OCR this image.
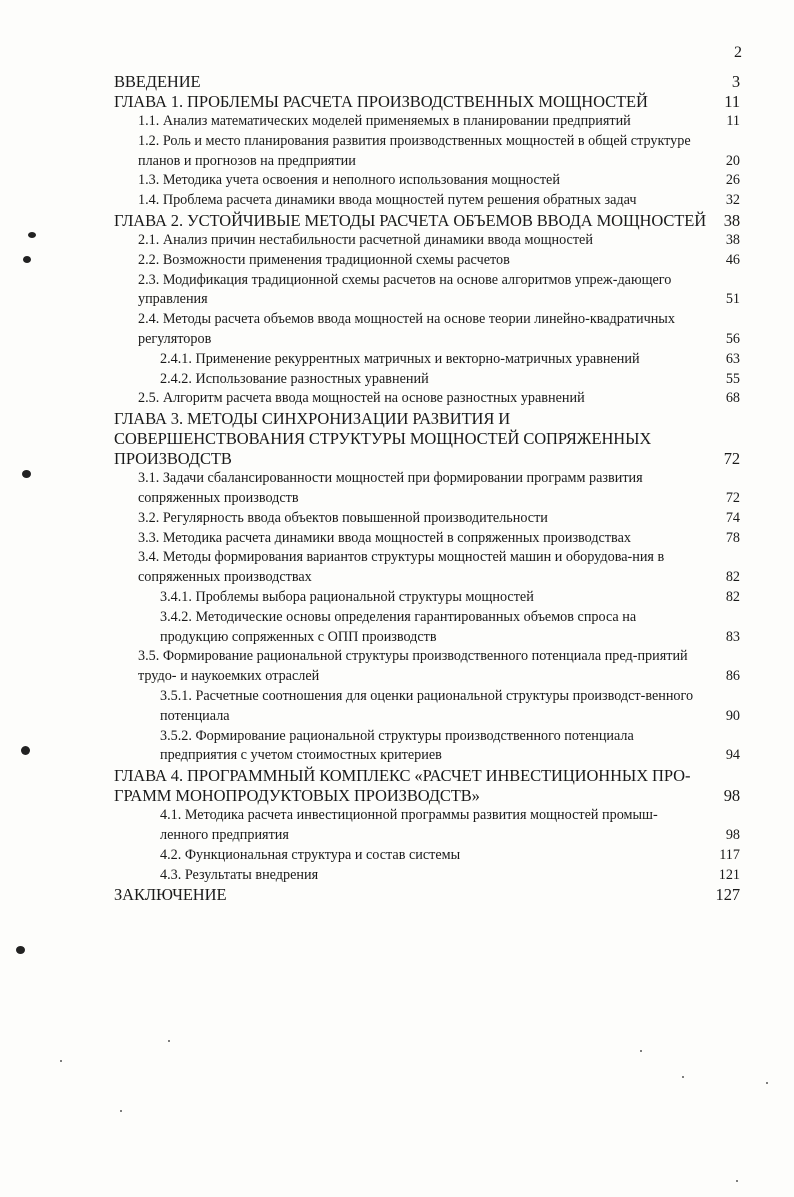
2
ВВЕДЕНИЕ	3
ГЛАВА 1. ПРОБЛЕМЫ РАСЧЕТА ПРОИЗВОДСТВЕННЫХ МОЩНОСТЕЙ	11
1.1. Анализ математических моделей применяемых в планировании предприятий	11
1.2. Роль и место планирования развития производственных мощностей в общей структуре планов и прогнозов на предприятии	20
1.3. Методика учета освоения и неполного использования мощностей	26
1.4. Проблема расчета динамики ввода мощностей путем решения обратных задач	32
ГЛАВА 2. УСТОЙЧИВЫЕ МЕТОДЫ РАСЧЕТА ОБЪЕМОВ ВВОДА МОЩНОСТЕЙ	38
2.1. Анализ причин нестабильности расчетной динамики ввода мощностей	38
2.2. Возможности применения традиционной схемы расчетов	46
2.3. Модификация традиционной схемы расчетов на основе алгоритмов упреж-дающего управления	51
2.4. Методы расчета объемов ввода мощностей на основе теории линейно-квадратичных регуляторов	56
2.4.1. Применение рекуррентных матричных и векторно-матричных уравнений	63
2.4.2. Использование разностных уравнений	55
2.5. Алгоритм расчета ввода мощностей на основе разностных уравнений	68
ГЛАВА 3. МЕТОДЫ СИНХРОНИЗАЦИИ РАЗВИТИЯ И СОВЕРШЕНСТВОВАНИЯ СТРУКТУРЫ МОЩНОСТЕЙ СОПРЯЖЕННЫХ ПРОИЗВОДСТВ	72
3.1. Задачи сбалансированности мощностей при формировании программ развития сопряженных производств	72
3.2. Регулярность ввода объектов повышенной производительности	74
3.3. Методика расчета динамики ввода мощностей в сопряженных производствах	78
3.4. Методы формирования вариантов структуры мощностей машин и оборудова-ния в сопряженных производствах	82
3.4.1. Проблемы выбора рациональной структуры мощностей	82
3.4.2. Методические основы определения гарантированных объемов спроса на продукцию сопряженных с ОПП производств	83
3.5. Формирование рациональной структуры производственного потенциала пред-приятий трудо- и наукоемких отраслей	86
3.5.1. Расчетные соотношения для оценки рациональной структуры производст-венного потенциала	90
3.5.2. Формирование рациональной структуры производственного потенциала предприятия с учетом стоимостных критериев	94
ГЛАВА 4. ПРОГРАММНЫЙ КОМПЛЕКС «РАСЧЕТ ИНВЕСТИЦИОННЫХ ПРО-ГРАММ МОНОПРОДУКТОВЫХ ПРОИЗВОДСТВ»	98
4.1. Методика расчета инвестиционной программы развития мощностей промыш-ленного предприятия	98
4.2. Функциональная структура и состав системы	117
4.3. Результаты внедрения	121
ЗАКЛЮЧЕНИЕ	127
